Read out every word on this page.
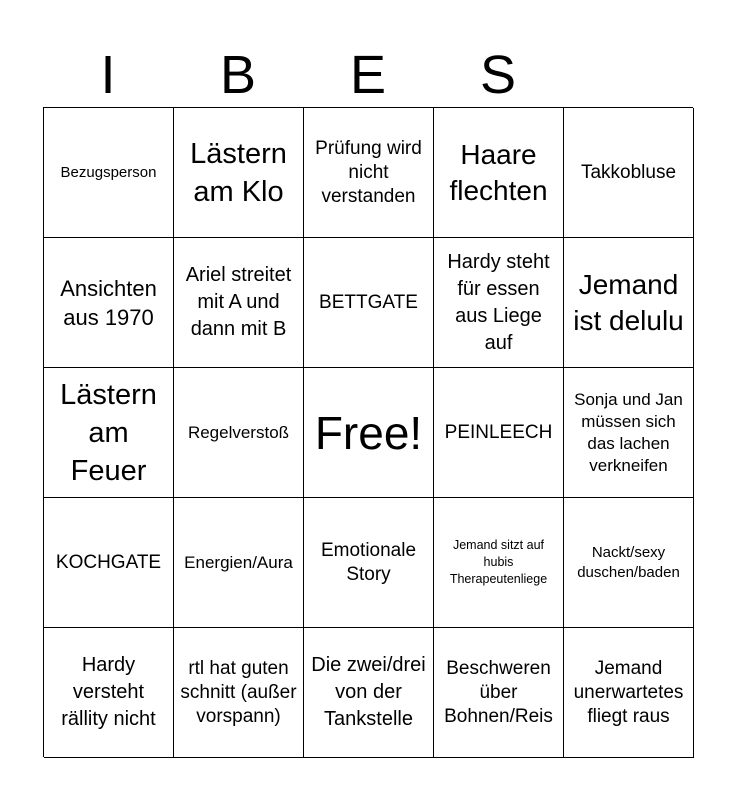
I	B	E	S
Bezugsperson
Lästern am Klo
Prüfung wird nicht verstanden
Haare flechten
Takkobluse
Ansichten aus 1970
Ariel streitet mit A und dann mit B
BETTGATE
Hardy steht für essen aus Liege auf
Jemand ist delulu
Lästern am Feuer
Regelverstoß Free! PEINLEECH
Sonja und Jan müssen sich das lachen verkneifen
KOCHGATE Energien/Aura
Emotionale Story
Jemand sitzt auf hubis Therapeutenliege
Nackt/sexy duschen/baden
Hardy versteht rällity nicht
rtl hat guten schnitt (außer vorspann)
Die zwei/drei von der Tankstelle
Beschweren über Bohnen/Reis
Jemand unerwartetes fliegt raus
